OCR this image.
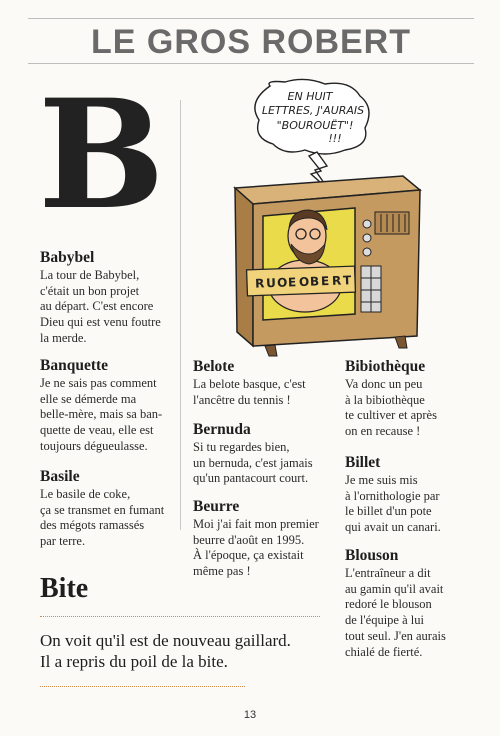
LE GROS ROBERT
B	EN HUIT
LETTRES, J'AURAIS
"BOUROUËT"!
!!!
R U O E O B E R T

Babybel

La tour de Babybel,
c'était un bon projet
au départ. C'est encore
Dieu qui est venu foutre
la merde.

Banquette

Je ne sais pas comment
elle se démerde ma
belle-mère, mais sa ban-
quette de veau, elle est
toujours dégueulasse.

Basile

Le basile de coke,
ça se transmet en fumant
des mégots ramassés
par terre.

Belote

La belote basque, c'est
l'ancêtre du tennis !

Bernuda

Si tu regardes bien,
un bernuda, c'est jamais
qu'un pantacourt court.

Beurre

Moi j'ai fait mon premier
beurre d'août en 1995.
À l'époque, ça existait
même pas !

Bibiothèque

Va donc un peu
à la bibiothèque
te cultiver et après
on en recause !

Billet

Je me suis mis
à l'ornithologie par
le billet d'un pote
qui avait un canari.

Blouson

L'entraîneur a dit
au gamin qu'il avait
redoré le blouson
de l'équipe à lui
tout seul. J'en aurais
chialé de fierté.

Bite

On voit qu'il est de nouveau gaillard.
Il a repris du poil de la bite.

13
